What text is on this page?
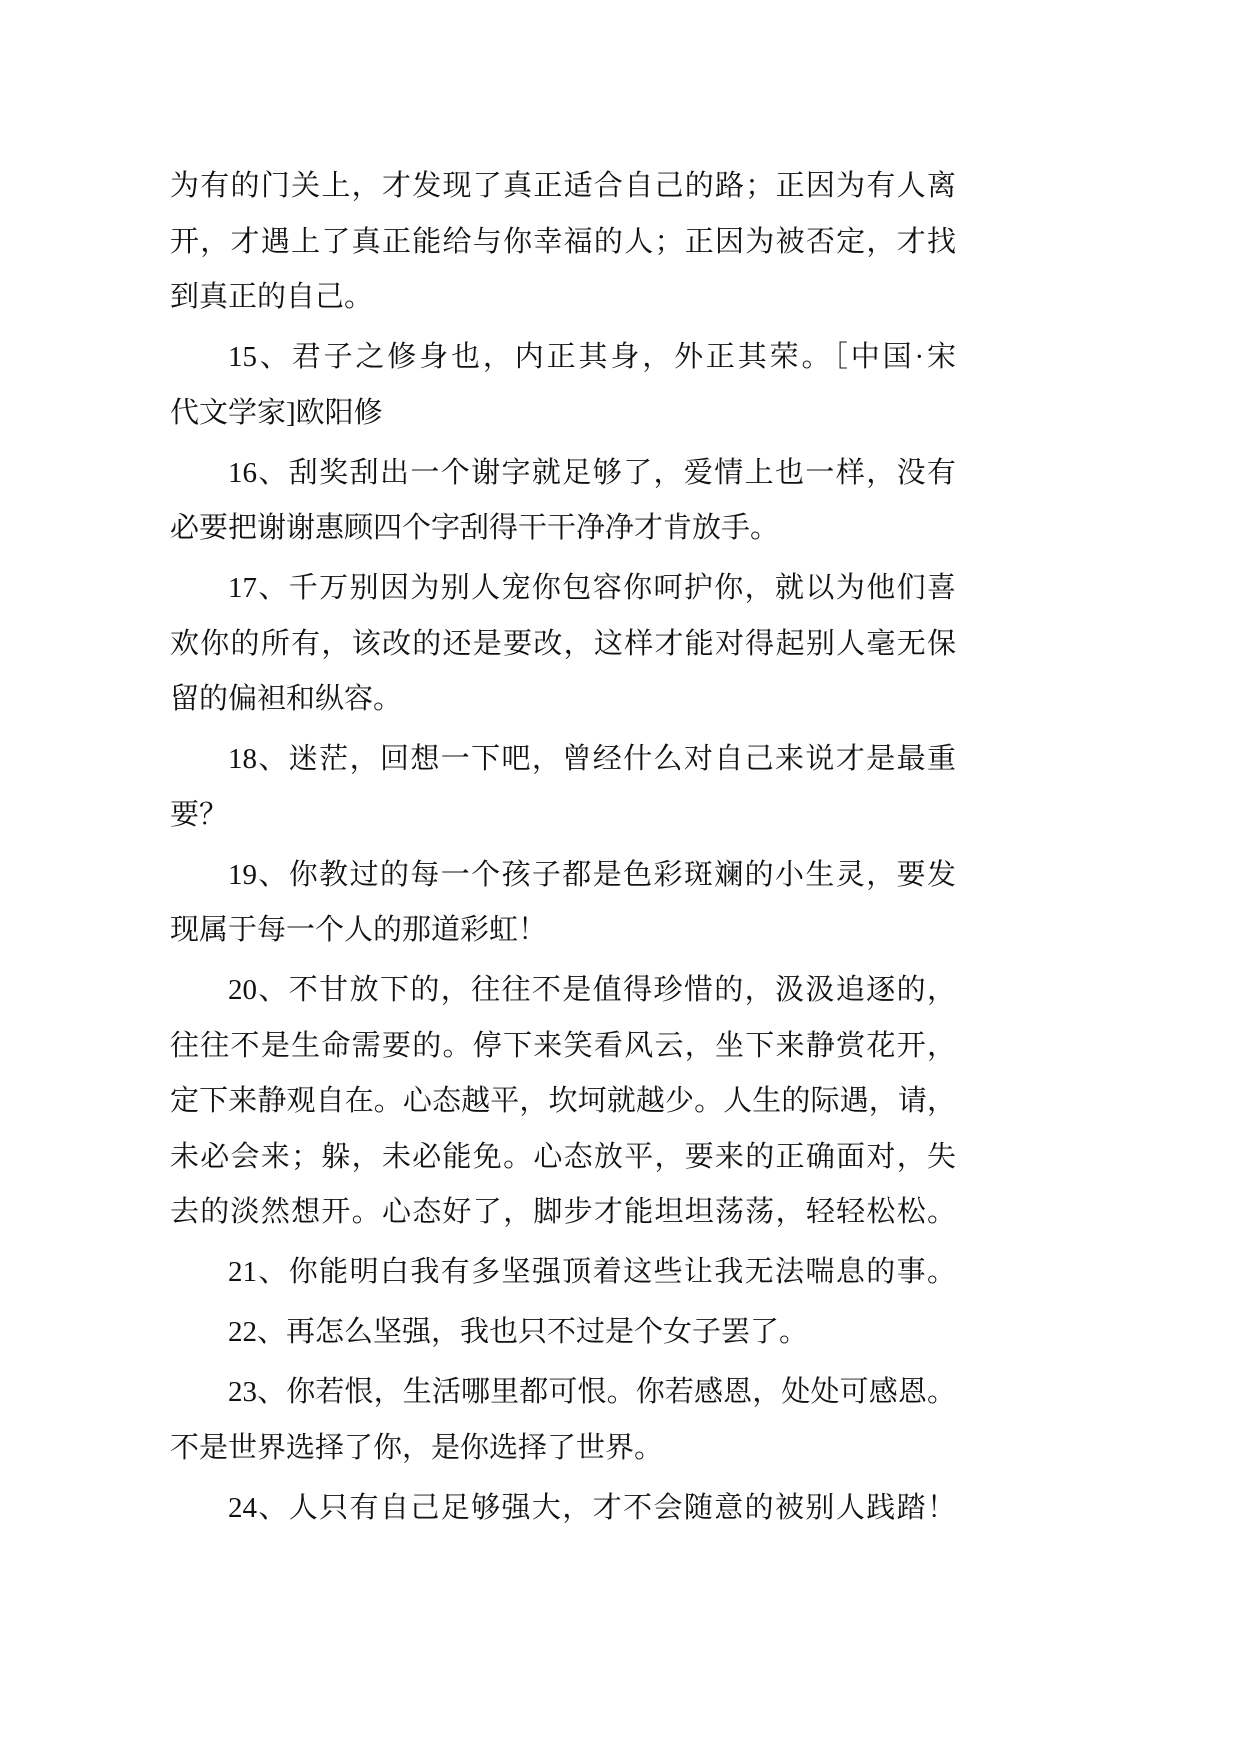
为有的门关上，才发现了真正适合自己的路；正因为有人离
开，才遇上了真正能给与你幸福的人；正因为被否定，才找
到真正的自己。

15、君子之修身也，内正其身，外正其荣。［中国·宋
代文学家]欧阳修

16、刮奖刮出一个谢字就足够了，爱情上也一样，没有
必要把谢谢惠顾四个字刮得干干净净才肯放手。

17、千万别因为别人宠你包容你呵护你，就以为他们喜
欢你的所有，该改的还是要改，这样才能对得起别人毫无保
留的偏袒和纵容。

18、迷茫，回想一下吧，曾经什么对自己来说才是最重
要？

19、你教过的每一个孩子都是色彩斑斓的小生灵，要发
现属于每一个人的那道彩虹！

20、不甘放下的，往往不是值得珍惜的，汲汲追逐的，
往往不是生命需要的。停下来笑看风云，坐下来静赏花开，
定下来静观自在。心态越平，坎坷就越少。人生的际遇，请，
未必会来；躲，未必能免。心态放平，要来的正确面对，失
去的淡然想开。心态好了，脚步才能坦坦荡荡，轻轻松松。

21、你能明白我有多坚强顶着这些让我无法喘息的事。

22、再怎么坚强，我也只不过是个女子罢了。

23、你若恨，生活哪里都可恨。你若感恩，处处可感恩。
不是世界选择了你，是你选择了世界。

24、人只有自己足够强大，才不会随意的被别人践踏！
